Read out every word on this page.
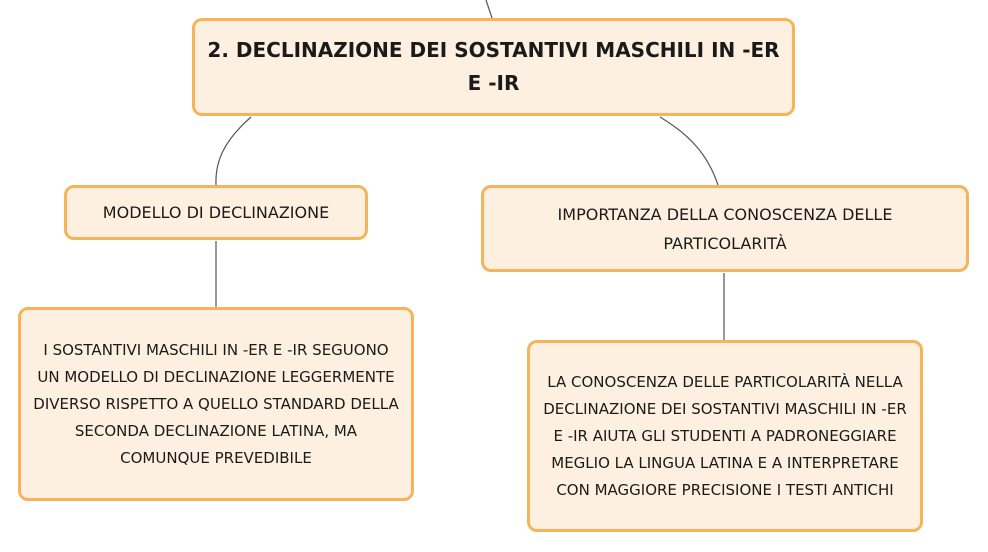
2. DECLINAZIONE DEI SOSTANTIVI MASCHILI IN -ER E -IR
MODELLO DI DECLINAZIONE	IMPORTANZA DELLA CONOSCENZA DELLE PARTICOLARITÀ
I SOSTANTIVI MASCHILI IN -ER E -IR SEGUONO UN MODELLO DI DECLINAZIONE LEGGERMENTE DIVERSO RISPETTO A QUELLO STANDARD DELLA SECONDA DECLINAZIONE LATINA, MA COMUNQUE PREVEDIBILE
LA CONOSCENZA DELLE PARTICOLARITÀ NELLA DECLINAZIONE DEI SOSTANTIVI MASCHILI IN -ER E -IR AIUTA GLI STUDENTI A PADRONEGGIARE MEGLIO LA LINGUA LATINA E A INTERPRETARE CON MAGGIORE PRECISIONE I TESTI ANTICHI
